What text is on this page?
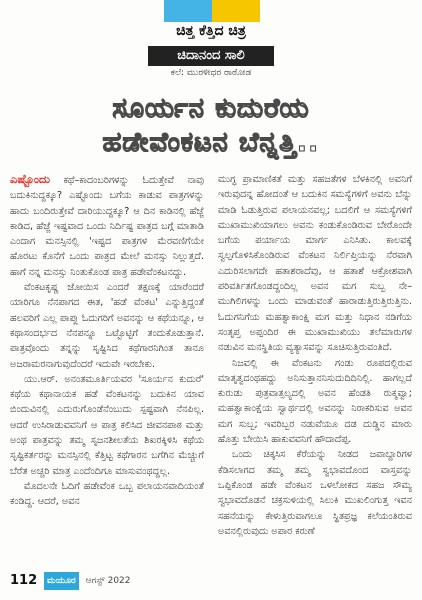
ಚಿತ್ತ ಕೆತ್ತಿದ ಚಿತ್ರ
ಚಿದಾನಂದ ಸಾಲಿ
ಕಲೆ: ಮುರಳೀಧರ ರಾಠೋಡ
ಸೂರ್ಯನ ಕುದುರೆಯ
ಹಡೇವೆಂಕಟನ ಬೆನ್ನತ್ತಿ..

ಎಷ್ಟೊಂದು ಕಥೆ–ಕಾದಂಬರಿಗಳನ್ನು ಓದುತ್ತೇವೆ ನಾವು ಬದುಕಿನುದ್ದಕ್ಕೂ? ಎಷ್ಟೊಂದು ಬಗೆಯ ಕಾಡುವ ಪಾತ್ರಗಳನ್ನು ಹಾದು ಬಂದಿರುತ್ತೇವೆ ದಾರಿಯುದ್ದಕ್ಕೂ? ಆ ದಿನ ಕಾಡಿನಲ್ಲಿ ಹೆಜ್ಜೆ ಕಾಡಿದ, ಹೆಜ್ಜೆ ಇಷ್ಟವಾದ ಒಂದು ನಿರ್ದಿಷ್ಟ ಪಾತ್ರದ ಬಗ್ಗೆ ಮಾತಾಡಿ ಎಂದಾಗ ಮನಸ್ಸಿನಲ್ಲಿ 'ಇಷ್ಟದ ಪಾತ್ರಗಳ ಮೆರವಣಿಗೆಯೇ ಹೊರಟು ಕೊನೆಗೆ ಒಂದು ಪಾತ್ರದ ಮೇಲೆ ಮನಸ್ಸು ನಿಲ್ಲುತ್ತದೆ. ಹಾಗೆ ನನ್ನ ಮನಸ್ಸು ನಿಂತುಕೊಂಡ ಪಾತ್ರ ಹಡೇವೆಂಕಟನದ್ದು.

ವೆಂಕಟಕೃಷ್ಣ ಜೋಯಿಸ ಎಂದರೆ ತಕ್ಷಣಕ್ಕೆ ಯಾರೆಂದರೆ ಯಾರಿಗೂ ನೆನಪಾಗದ ಈತ, 'ಹಡೆ ವೆಂಕಟ' ಎನ್ನುತ್ತಿದ್ದಂತೆ ಹಲವರಿಗೆ ಎಲ್ಲ ಪಾಪ್ಲು ಓದುಗರಿಗೆ ಅವನನ್ನು ಆ ಕಥೆಯನ್ನೂ, ಆ ಕಥಾಸಂದರ್ಭದ ನೆನಪನ್ನೂ ಒಟ್ಟೊಟ್ಟಿಗೆ ತಂದುಕೊಡುತ್ತಾನೆ. ಪಾತ್ರವೊಂದು ತನ್ನನ್ನು ಸೃಷ್ಟಿಸಿದ ಕಥೆಗಾರನಿಗಿಂತ ತಾನೂ ಅಜರಾಮರನಾಗುವುದೆಂದರೆ ಇದುವೇ ಇರಬೇಕು.

ಯು.ಆರ್. ಅನಂತಮೂರ್ತಿಯವರ 'ಸೂರ್ಯನ ಕುದುರೆ' ಕಥೆಯ ಕಥಾನಾಯಕ ಹಡೆ ವೆಂಕಟನನ್ನು ಬದುಕಿನ ಯಾವ ಬಿಂದುವಿನಲ್ಲಿ ಎದುರುಗೊಂಡೆನೆಂಬುದು ಸ್ಪಷ್ಟವಾಗಿ ನೆನಪಿಲ್ಲ. ಆದರೆ ಉಸಿರಾಡುವವನಿಗೆ ಆ ಪಾತ್ರ ಕಲಿಸಿದ ಜೀವನಪಾಠ ಮತ್ತು ಅಂಥ ಪಾತ್ರವನ್ನು ತಮ್ಮ ಸೃಜನಶೀಲತೆಯ ಶಿಖರಕ್ಕಿಳಿಸಿ ಕಥೆಯ ಸೃಷ್ಟಿಕರ್ತರನ್ನು ಮನಸ್ಸಿನಲ್ಲಿ ಕೆತ್ತಿಟ್ಟ ಕಥೆಗಾರನ ಬಗೆಗಿನ ಮೆಚ್ಚುಗೆ ಬೆರೆತ ಅಚ್ಚರಿ ಮಾತ್ರ ಎಂದೆಂದಿಗೂ ಮಾಸುವಂಥದ್ದಲ್ಲ.

ಮೊದಲನೇ ಓದಿಗೆ ಹಡೇವೆಂಕ ಒಬ್ಬ ಪಲಾಯನವಾದಿಯಂತೆ ಕಂಡಿದ್ದ. ಆದರೆ, ಅವನ

ಮುಗ್ಧ ಪ್ರಾಮಾಣಿಕತೆ ಮತ್ತು ಸಹಜತೆಗಳ ಬೆಳಕಿನಲ್ಲಿ ಅವನಿಗೆ ಇರುವುದನ್ನ ಹೋದಂತೆ ಆ ಬದುಕಿನ ಸಮಸ್ಯೆಗಳಿಗೆ ಅವನು ಬೆನ್ನು ಮಾಡಿ ಓಡುತ್ತಿರುವ ಪಲಾಯನವಲ್ಲ; ಬದಲಿಗೆ ಆ ಸಮಸ್ಯೆಗಳಿಗೆ ಮುಖಾಮುಖಿಯಾಗಲು ಅವನು ಕಂಡುಕೊಂಡಿರುವ ಬೇರೊಂದೇ ಬಗೆಯ ಪರ್ಯಾಯ ಮಾರ್ಗ ಎನಿಸಿತು. ಕಾಲವಕ್ಕೆ ಸ್ವಲ್ಪಗೊಳಿಸಿಕೊಂಡಿರುವ ವೆಂಕಟನ ನಿರ್ಲಿಪ್ತಿಯನ್ನು ನೆರವಾಗಿ ಎದುರಿಸಲಾಗದೇ ಹತಾಶರಾದೆವು, ಆ ಹತಾಶೆ ಆಕ್ರೋಶವಾಗಿ ಪರಿವರ್ತಿತಗೊಂಡದ್ದಂದಿಲ್ಲ ಅವನ ಮಗ ಸುಬ್ಬ ನೇ–ಮುಗಿಲಿಗಳನ್ನು ಒಂದು ಮಾಡುವಂತೆ ಹಾರಾಡುತ್ತಿರುತ್ತಿರುತ್ತಿನು. ಓದುಗನಿಗೆಯ ಮಹತ್ವಾಕಾಂಕ್ಷಿ ಮಗ ಮತ್ತು ನಿಧಾನ ನಡಿಗೆಯ ಸಂತೃಪ್ತ ಅಪ್ಪಂದಿರ ಈ ಮುಖಾಮುಖಿಯು ತಲೆಮಾರುಗಳ ನಡುವಿನ ಮನಸ್ಥಿತಿಯ ವ್ಯತ್ಯಾಸವನ್ನು ಸೂಚಿಸುತ್ತಿರುವಂತಿದೆ.

ನಿಜವಲ್ಲಿ ಈ ವೆಂಕಟನು ಗಂಡು ರೂಪದಲ್ಲಿರುವ ಮಾತೃತ್ವದಂಥಹದ್ದು ಅನಿಸುತ್ತಾನನಿಸುದುದಿದಿನಿಲ್ಲಿ. ಹಾಗಲ್ಲದೆ ಕುರುಡು ಪುತ್ರವಾತ್ಸಲ್ಯದಲ್ಲಿ ಅವನ ಹೆಂಡತಿ ರುಕ್ಮವ್ವಾ; ಮಹತ್ವಾಕಾಂಕ್ಷೆಯ ಸ್ವಾರ್ಥದಲ್ಲಿ ಅವನನ್ನು ನಿರಾಕರಿಸುವ ಅವನ ಮಗ ಸುಬ್ಬ; ಇವರಿಬ್ಬರ ನಡುವೆಯೂ ದಡ ದುಡ್ಡಿನ ಮಾರು ಹೊತ್ತು ಬೇಯಿಸಿ ಹಾಕುವವನಿಗೆ ಹೌದಾದೆಪ್ಪ.

ಒಂದು ಚಿಕ್ಕಸಿಸ ಕೆರೆಯನ್ನು ನೀಡದ ಜವಾಬ್ದಾರಿಗಳ ಕೆಡಿಸಲಾಗದ ತಮ್ಮ ತಮ್ಮ ಸ್ವಭಾವದೊಂದ ವಾಸ್ತವನ್ನು ಒಪ್ಪಿಕೊಂಡ ಹಡೇ ವೆಂಕಟನ ಒಳಲೋಕದ ಸಹಜ ಸೌಮ್ಯ ಸ್ವಭಾವದೊಡನೆ ಚಕ್ರಸುಳಿಯಲ್ಲಿ ಸಿಲುಕಿ ಮುಖಲಿಂಗುತ್ತ ಇವನ ಸಹನೆಯನ್ನು ಕೇಳುತ್ತಿರುವಾಗಲೂ ಸ್ಥಿತಪ್ರಜ್ಞ ಕಲೆಯಂತಿರುವ ಅವನಲ್ಲಿರುವುದು ಅಪಾರ ಕರುಣೆ

112 ಮಯೂರ ಆಗಸ್ಟ್ 2022
